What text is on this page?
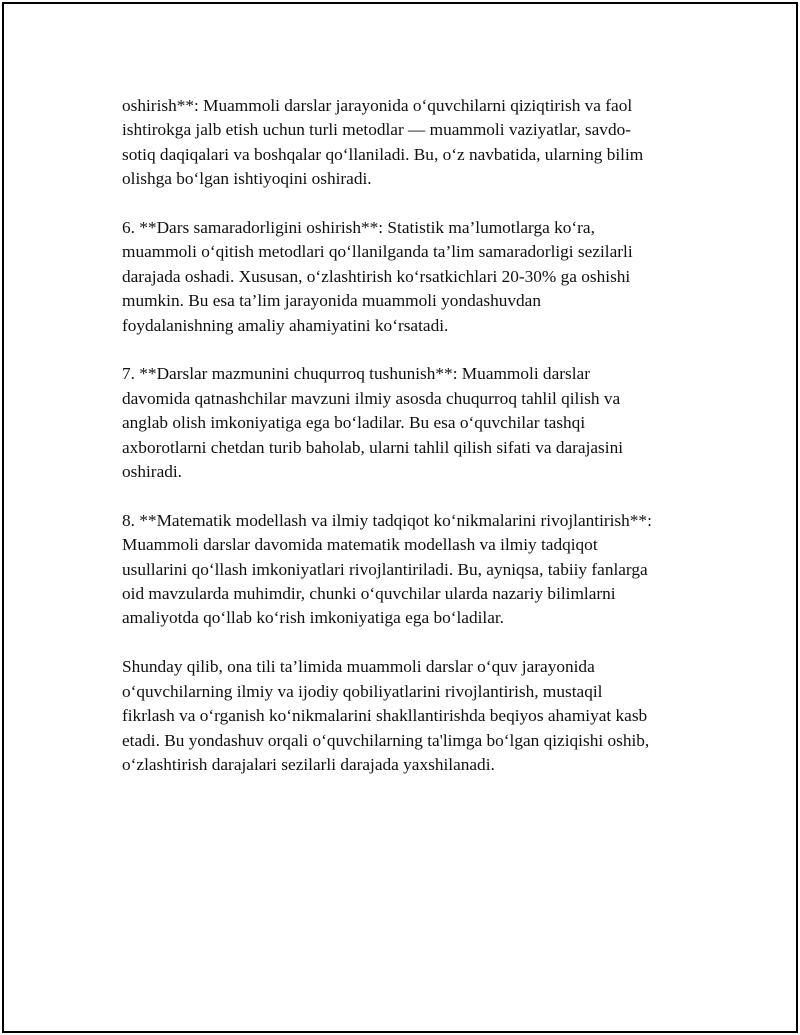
oshirish**: Muammoli darslar jarayonida o‘quvchilarni qiziqtirish va faol
ishtirokga jalb etish uchun turli metodlar — muammoli vaziyatlar, savdo-
sotiq daqiqalari va boshqalar qo‘llaniladi. Bu, o‘z navbatida, ularning bilim
olishga bo‘lgan ishtiyoqini oshiradi.

6. **Dars samaradorligini oshirish**: Statistik ma’lumotlarga ko‘ra,
muammoli o‘qitish metodlari qo‘llanilganda ta’lim samaradorligi sezilarli
darajada oshadi. Xususan, o‘zlashtirish ko‘rsatkichlari 20-30% ga oshishi
mumkin. Bu esa ta’lim jarayonida muammoli yondashuvdan
foydalanishning amaliy ahamiyatini ko‘rsatadi.

7. **Darslar mazmunini chuqurroq tushunish**: Muammoli darslar
davomida qatnashchilar mavzuni ilmiy asosda chuqurroq tahlil qilish va
anglab olish imkoniyatiga ega bo‘ladilar. Bu esa o‘quvchilar tashqi
axborotlarni chetdan turib baholab, ularni tahlil qilish sifati va darajasini
oshiradi.

8. **Matematik modellash va ilmiy tadqiqot ko‘nikmalarini rivojlantirish**:
Muammoli darslar davomida matematik modellash va ilmiy tadqiqot
usullarini qo‘llash imkoniyatlari rivojlantiriladi. Bu, ayniqsa, tabiiy fanlarga
oid mavzularda muhimdir, chunki o‘quvchilar ularda nazariy bilimlarni
amaliyotda qo‘llab ko‘rish imkoniyatiga ega bo‘ladilar.

Shunday qilib, ona tili ta’limida muammoli darslar o‘quv jarayonida
o‘quvchilarning ilmiy va ijodiy qobiliyatlarini rivojlantirish, mustaqil
fikrlash va o‘rganish ko‘nikmalarini shakllantirishda beqiyos ahamiyat kasb
etadi. Bu yondashuv orqali o‘quvchilarning ta'limga bo‘lgan qiziqishi oshib,
o‘zlashtirish darajalari sezilarli darajada yaxshilanadi.
